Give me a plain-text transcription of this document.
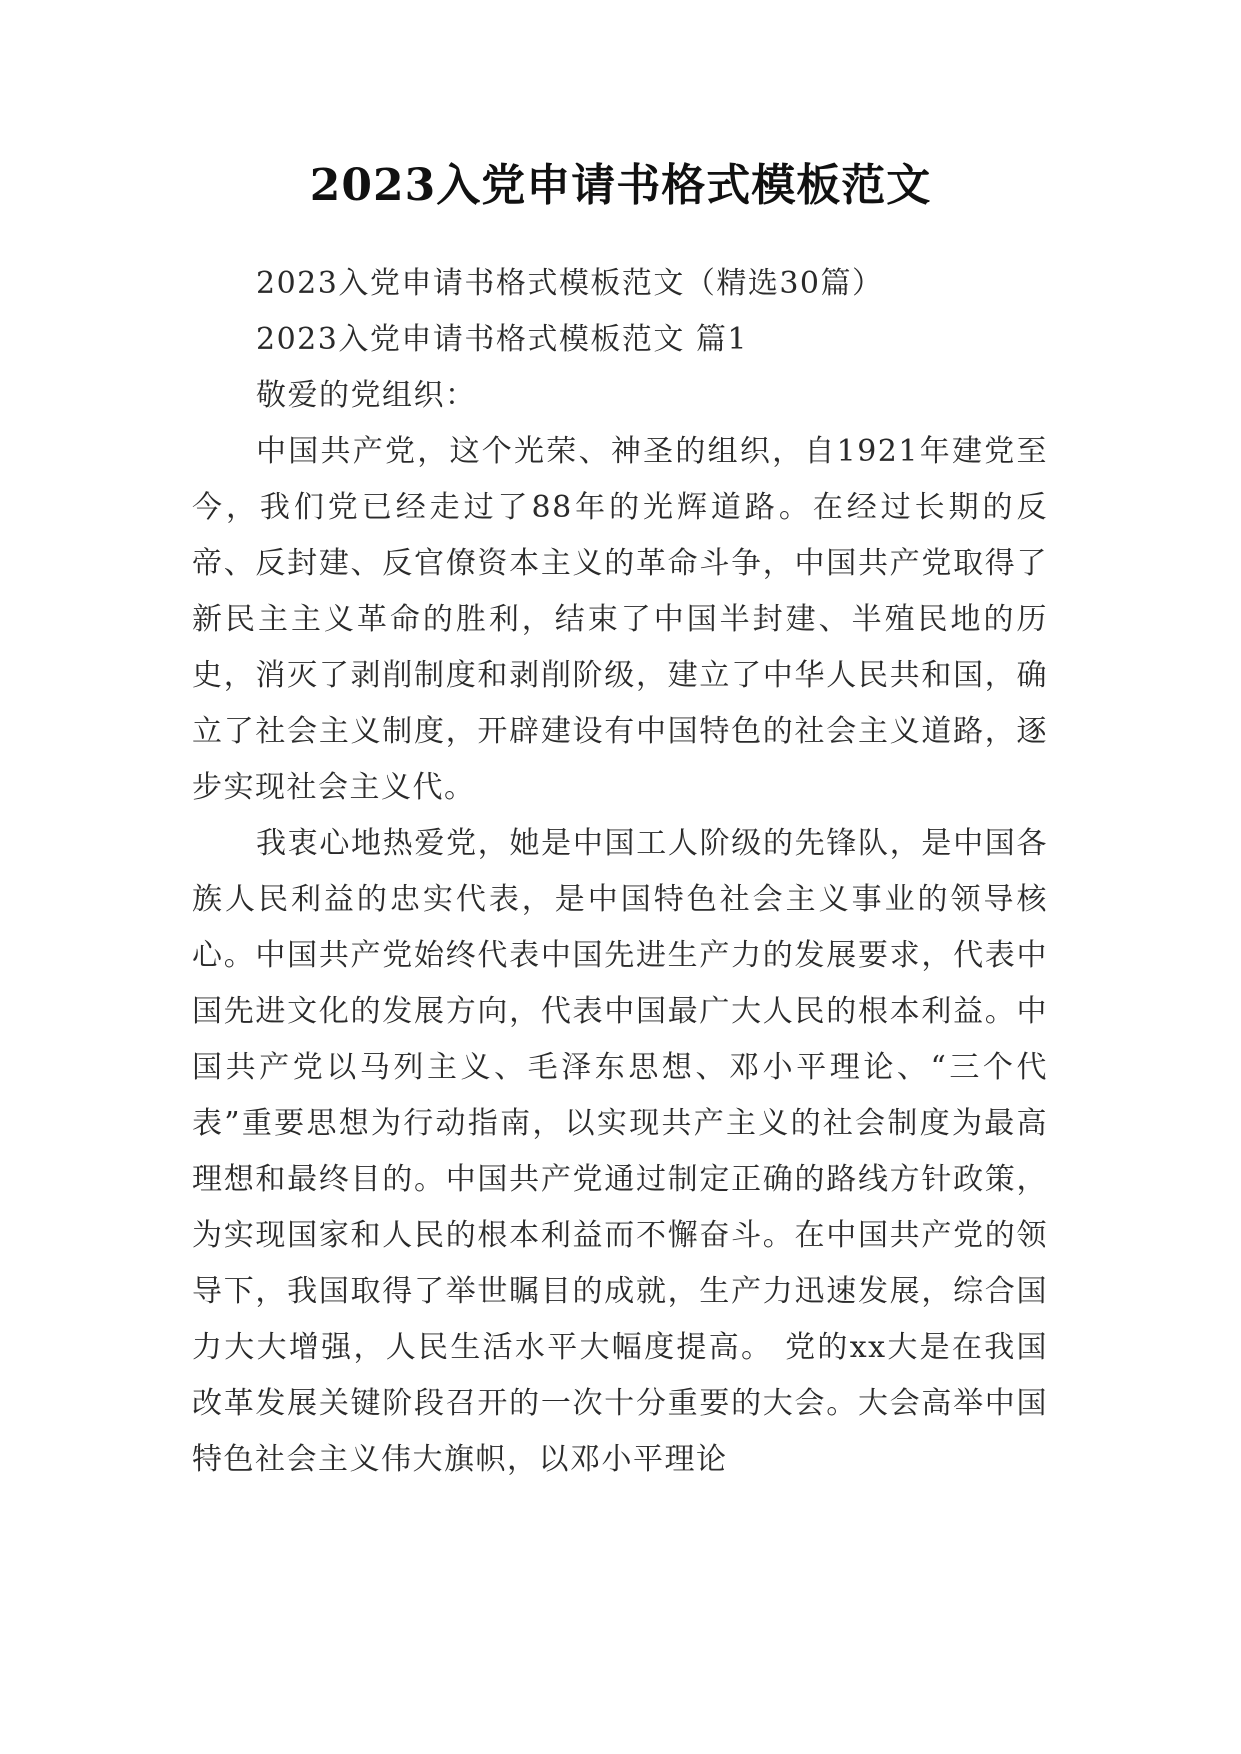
2023入党申请书格式模板范文

2023入党申请书格式模板范文（精选30篇）

2023入党申请书格式模板范文 篇1

敬爱的党组织：

中国共产党，这个光荣、神圣的组织，自1921年建党至今，我们党已经走过了88年的光辉道路。在经过长期的反帝、反封建、反官僚资本主义的革命斗争，中国共产党取得了新民主主义革命的胜利，结束了中国半封建、半殖民地的历史，消灭了剥削制度和剥削阶级，建立了中华人民共和国，确立了社会主义制度，开辟建设有中国特色的社会主义道路，逐步实现社会主义代。

我衷心地热爱党，她是中国工人阶级的先锋队，是中国各族人民利益的忠实代表，是中国特色社会主义事业的领导核心。中国共产党始终代表中国先进生产力的发展要求，代表中国先进文化的发展方向，代表中国最广大人民的根本利益。中国共产党以马列主义、毛泽东思想、邓小平理论、“三个代表”重要思想为行动指南，以实现共产主义的社会制度为最高理想和最终目的。中国共产党通过制定正确的路线方针政策，为实现国家和人民的根本利益而不懈奋斗。在中国共产党的领导下，我国取得了举世瞩目的成就，生产力迅速发展，综合国力大大增强，人民生活水平大幅度提高。 党的xx大是在我国改革发展关键阶段召开的一次十分重要的大会。大会高举中国特色社会主义伟大旗帜，以邓小平理论
